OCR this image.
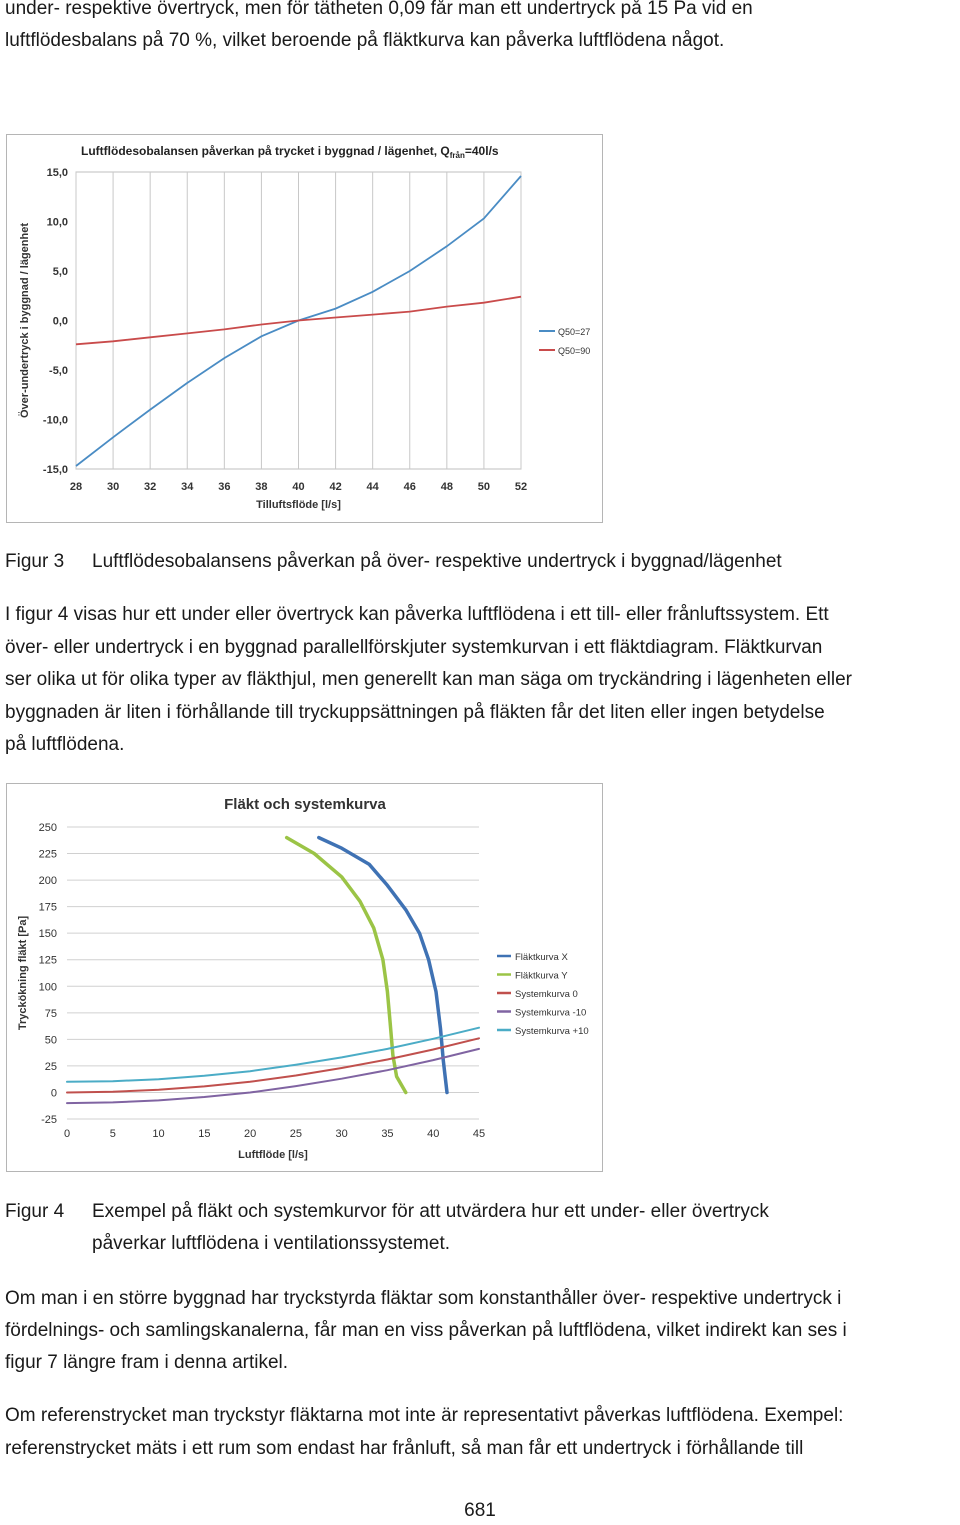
under- respektive övertryck, men för tätheten 0,09 får man ett undertryck på 15 Pa vid en

luftflödesbalans på 70 %, vilket beroende på fläktkurva kan påverka luftflödena något.

28 30 32 34 36 38 40 42 44 46 48 50 52
15,0
10,0
5,0
0,0
-5,0
-10,0
-15,0
Luftflödesobalansen påverkan på trycket i byggnad / lägenhet, $Q_{från}=40l/s$
Tilluftsflöde [l/s]
Över-undertryck i byggnad / lägenhet	Q50=27
Q50=90
Figur 3 Luftflödesobalansens påverkan på över- respektive undertryck i byggnad/lägenhet

I figur 4 visas hur ett under eller övertryck kan påverka luftflödena i ett till- eller frånluftssystem. Ett

över- eller undertryck i en byggnad parallellförskjuter systemkurvan i ett fläktdiagram. Fläktkurvan

ser olika ut för olika typer av fläkthjul, men generellt kan man säga om tryckändring i lägenheten eller

byggnaden är liten i förhållande till tryckuppsättningen på fläkten får det liten eller ingen betydelse

på luftflödena.

250
225
200
175
150
125
100
75
50
25
0
-25
0	5	10	15	20	25	30	35	40	45
Fläkt och systemkurva
Luftflöde [l/s]
Tryckökning fläkt [Pa]	Fläktkurva X
Fläktkurva Y
Systemkurva 0
Systemkurva -10
Systemkurva +10
Figur 4 Exempel på fläkt och systemkurvor för att utvärdera hur ett under- eller övertryck
påverkar luftflödena i ventilationssystemet.

Om man i en större byggnad har tryckstyrda fläktar som konstanthåller över- respektive undertryck i

fördelnings- och samlingskanalerna, får man en viss påverkan på luftflödena, vilket indirekt kan ses i

figur 7 längre fram i denna artikel.

Om referenstrycket man tryckstyr fläktarna mot inte är representativt påverkas luftflödena. Exempel:

referenstrycket mäts i ett rum som endast har frånluft, så man får ett undertryck i förhållande till

681
